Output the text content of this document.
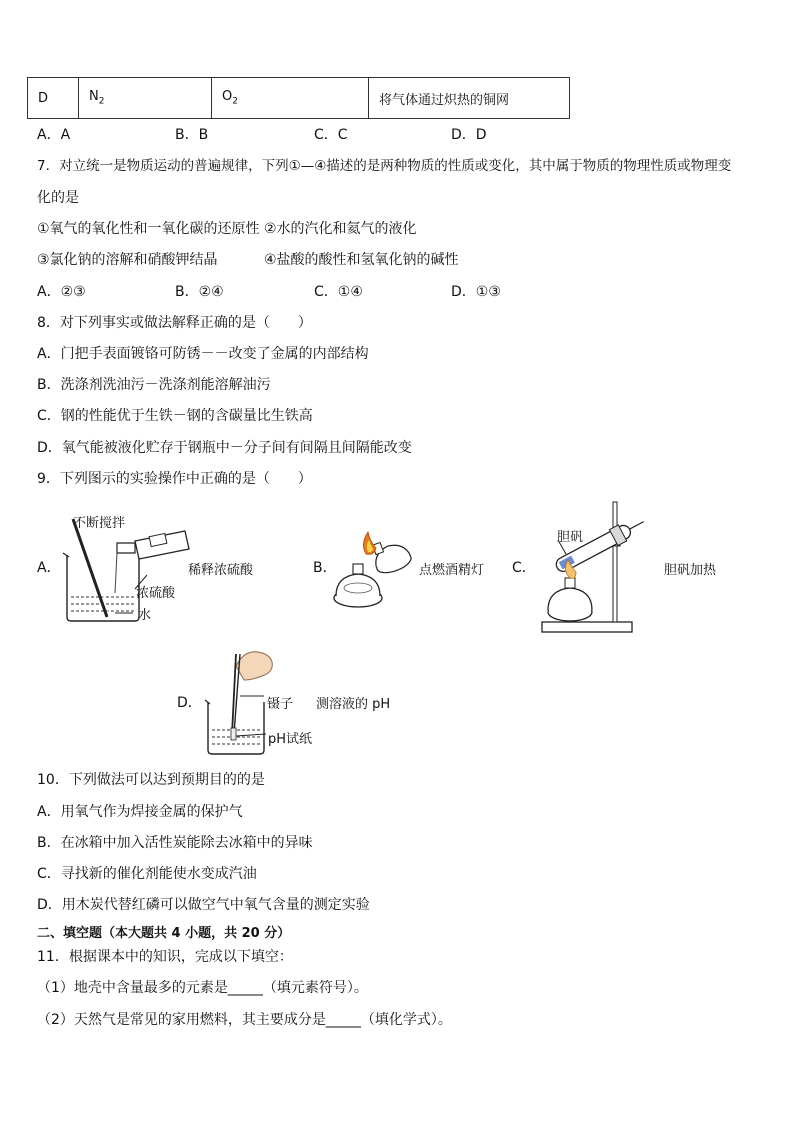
D	$N_2$	$O_2$	将气体通过炽热的铜网
A．A	B．B	C．C	D．D
7．对立统一是物质运动的普遍规律，下列①—④描述的是两种物质的性质或变化，其中属于物质的物理性质或物理变
化的是
①氧气的氧化性和一氧化碳的还原性 ②水的汽化和氦气的液化
③氯化钠的溶解和硝酸钾结晶	④盐酸的酸性和氢氧化钠的碱性
A．②③	B．②④	C．①④	D．①③
8．对下列事实或做法解释正确的是（　　）
A．门把手表面镀铬可防锈－－改变了金属的内部结构
B．洗涤剂洗油污－洗涤剂能溶解油污
C．钢的性能优于生铁－钢的含碳量比生铁高
D．氧气能被液化贮存于钢瓶中－分子间有间隔且间隔能改变
9．下列图示的实验操作中正确的是（　　）
A．
不断搅拌
稀释浓硫酸
浓硫酸
水
B．	点燃酒精灯 C．
胆矾
胆矾加热
D．	镊子 测溶液的 pH
pH试纸
10．下列做法可以达到预期目的的是
A．用氧气作为焊接金属的保护气
B．在冰箱中加入活性炭能除去冰箱中的异味
C．寻找新的催化剂能使水变成汽油
D．用木炭代替红磷可以做空气中氧气含量的测定实验
二、填空题（本大题共 4 小题，共 20 分）
11．根据课本中的知识，完成以下填空：
（1）地壳中含量最多的元素是_____（填元素符号）。
（2）天然气是常见的家用燃料，其主要成分是_____（填化学式）。
